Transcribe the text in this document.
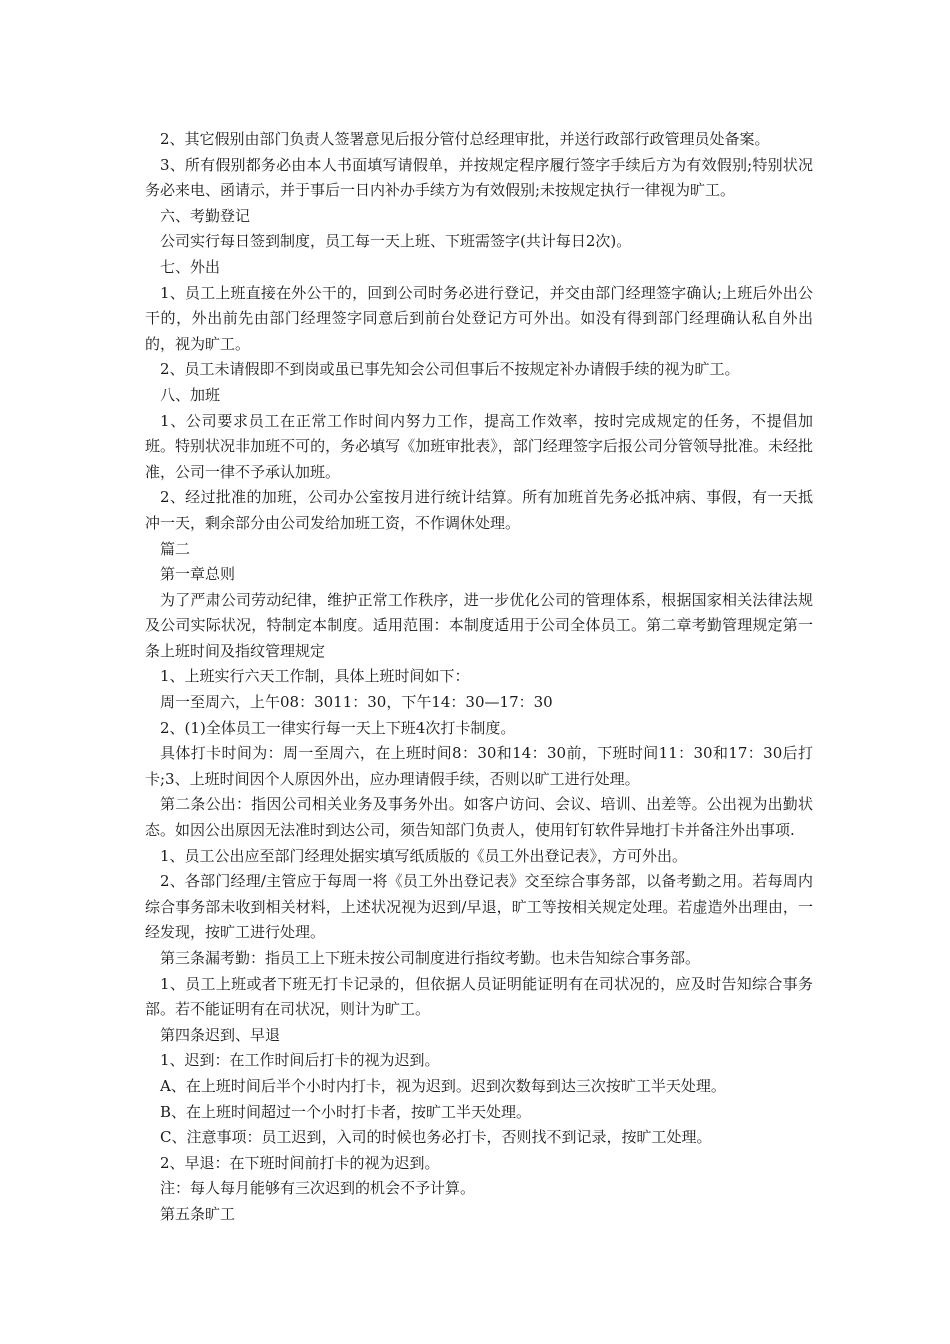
2、其它假别由部门负责人签署意见后报分管付总经理审批，并送行政部行政管理员处备案。

3、所有假别都务必由本人书面填写请假单，并按规定程序履行签字手续后方为有效假别;特别状况务必来电、函请示，并于事后一日内补办手续方为有效假别;未按规定执行一律视为旷工。

六、考勤登记

公司实行每日签到制度，员工每一天上班、下班需签字(共计每日2次)。

七、外出

1、员工上班直接在外公干的，回到公司时务必进行登记，并交由部门经理签字确认;上班后外出公干的，外出前先由部门经理签字同意后到前台处登记方可外出。如没有得到部门经理确认私自外出的，视为旷工。

2、员工未请假即不到岗或虽已事先知会公司但事后不按规定补办请假手续的视为旷工。

八、加班

1、公司要求员工在正常工作时间内努力工作，提高工作效率，按时完成规定的任务，不提倡加班。特别状况非加班不可的，务必填写《加班审批表》，部门经理签字后报公司分管领导批准。未经批准，公司一律不予承认加班。

2、经过批准的加班，公司办公室按月进行统计结算。所有加班首先务必抵冲病、事假，有一天抵冲一天，剩余部分由公司发给加班工资，不作调休处理。

篇二

第一章总则

为了严肃公司劳动纪律，维护正常工作秩序，进一步优化公司的管理体系，根据国家相关法律法规及公司实际状况，特制定本制度。适用范围：本制度适用于公司全体员工。第二章考勤管理规定第一条上班时间及指纹管理规定

1、上班实行六天工作制，具体上班时间如下：

周一至周六，上午08：3011：30，下午14：30—17：30

2、(1)全体员工一律实行每一天上下班4次打卡制度。

具体打卡时间为：周一至周六，在上班时间8：30和14：30前，下班时间11：30和17：30后打卡;3、上班时间因个人原因外出，应办理请假手续，否则以旷工进行处理。

第二条公出：指因公司相关业务及事务外出。如客户访问、会议、培训、出差等。公出视为出勤状态。如因公出原因无法准时到达公司，须告知部门负责人，使用钉钉软件异地打卡并备注外出事项.

1、员工公出应至部门经理处据实填写纸质版的《员工外出登记表》，方可外出。

2、各部门经理/主管应于每周一将《员工外出登记表》交至综合事务部，以备考勤之用。若每周内综合事务部未收到相关材料，上述状况视为迟到/早退，旷工等按相关规定处理。若虚造外出理由，一经发现，按旷工进行处理。

第三条漏考勤：指员工上下班未按公司制度进行指纹考勤。也未告知综合事务部。

1、员工上班或者下班无打卡记录的，但依据人员证明能证明有在司状况的，应及时告知综合事务部。若不能证明有在司状况，则计为旷工。

第四条迟到、早退

1、迟到：在工作时间后打卡的视为迟到。

A、在上班时间后半个小时内打卡，视为迟到。迟到次数每到达三次按旷工半天处理。

B、在上班时间超过一个小时打卡者，按旷工半天处理。

C、注意事项：员工迟到，入司的时候也务必打卡，否则找不到记录，按旷工处理。

2、早退：在下班时间前打卡的视为迟到。

注：每人每月能够有三次迟到的机会不予计算。

第五条旷工
